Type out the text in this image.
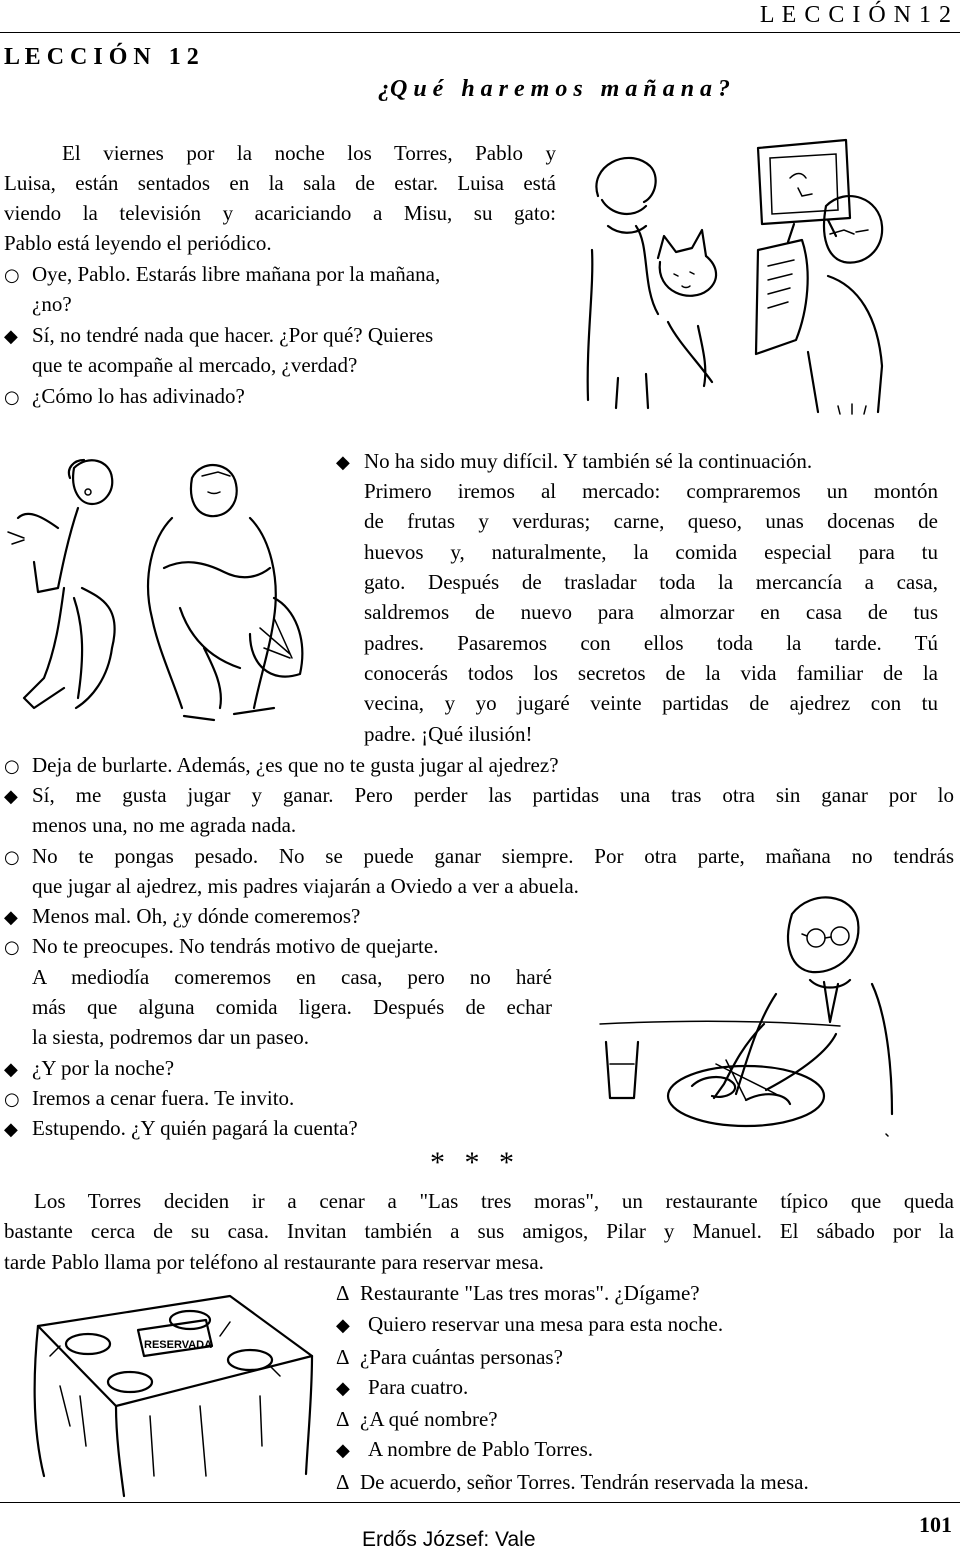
L E C C I Ó N 1 2
L E C C I Ó N   1 2
¿Q u é   h a r e m o s   m a ñ a n a ?
El viernes por la noche los Torres, Pablo y
Luisa, están sentados en la sala de estar. Luisa está
viendo la televisión y acariciando a Misu, su gato:
Pablo está leyendo el periódico.
○ Oye, Pablo. Estarás libre mañana por la mañana,
¿no?
◆ Sí, no tendré nada que hacer. ¿Por qué? Quieres
que te acompañe al mercado, ¿verdad?
○ ¿Cómo lo has adivinado?
◆ No ha sido muy difícil. Y también sé la continuación.
Primero iremos al mercado: compraremos un montón
de frutas y verduras; carne, queso, unas docenas de
huevos y, naturalmente, la comida especial para tu
gato. Después de trasladar toda la mercancía a casa,
saldremos de nuevo para almorzar en casa de tus
padres. Pasaremos con ellos toda la tarde. Tú
conocerás todos los secretos de la vida familiar de la
vecina, y yo jugaré veinte partidas de ajedrez con tu
padre. ¡Qué ilusión!
○ Deja de burlarte. Además, ¿es que no te gusta jugar al ajedrez?
◆ Sí, me gusta jugar y ganar. Pero perder las partidas una tras otra sin ganar por lo
menos una, no me agrada nada.
○ No te pongas pesado. No se puede ganar siempre. Por otra parte, mañana no tendrás
que jugar al ajedrez, mis padres viajarán a Oviedo a ver a abuela.
◆ Menos mal. Oh, ¿y dónde comeremos?
○ No te preocupes. No tendrás motivo de quejarte.
A mediodía comeremos en casa, pero no haré
más que alguna comida ligera. Después de echar
la siesta, podremos dar un paseo.
◆ ¿Y por la noche?
○ Iremos a cenar fuera. Te invito.
◆ Estupendo. ¿Y quién pagará la cuenta?
* * *
Los Torres deciden ir a cenar a "Las tres moras", un restaurante típico que queda
bastante cerca de su casa. Invitan también a sus amigos, Pilar y Manuel. El sábado por la
tarde Pablo llama por teléfono al restaurante para reservar mesa.
Δ Restaurante "Las tres moras". ¿Dígame?
◆ Quiero reservar una mesa para esta noche.
Δ ¿Para cuántas personas?
◆ Para cuatro.
Δ ¿A qué nombre?
◆ A nombre de Pablo Torres.
Δ De acuerdo, señor Torres. Tendrán reservada la mesa.
Erdős József: Vale
101
RESERVADA
